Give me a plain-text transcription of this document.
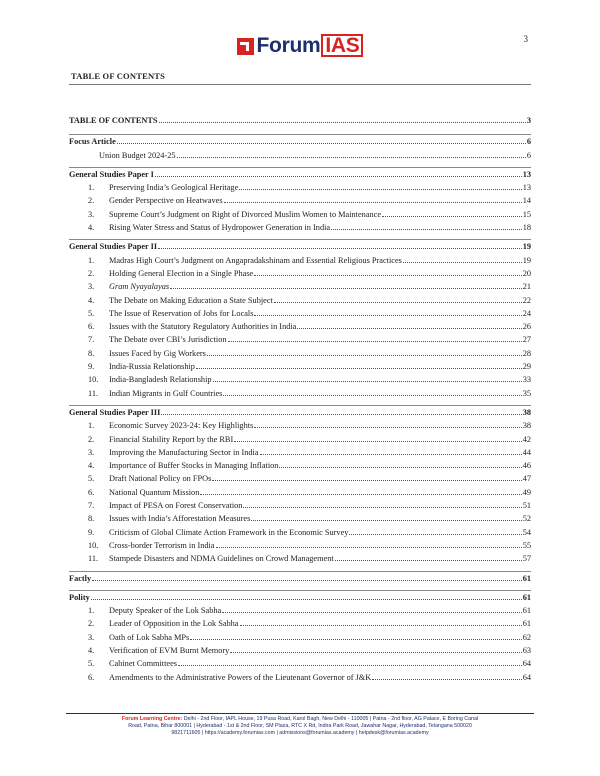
Forum IAS	3
TABLE OF CONTENTS
TABLE OF CONTENTS	3
Focus Article	6
Union Budget 2024-25	6
General Studies Paper I	13
1.	Preserving India’s Geological Heritage	13
2.	Gender Perspective on Heatwaves	14
3.	Supreme Court’s Judgment on Right of Divorced Muslim Women to Maintenance	15
4.	Rising Water Stress and Status of Hydropower Generation in India	18
General Studies Paper II	19
1.	Madras High Court’s Judgment on Angapradakshinam and Essential Religious Practices	19
2.	Holding General Election in a Single Phase	20
3.	Gram Nyayalayas	21
4.	The Debate on Making Education a State Subject	22
5.	The Issue of Reservation of Jobs for Locals	24
6.	Issues with the Statutory Regulatory Authorities in India	26
7.	The Debate over CBI’s Jurisdiction	27
8.	Issues Faced by Gig Workers	28
9.	India-Russia Relationship	29
10.	India-Bangladesh Relationship	33
11.	Indian Migrants in Gulf Countries	35
General Studies Paper III	38
1.	Economic Survey 2023-24: Key Highlights	38
2.	Financial Stability Report by the RBI	42
3.	Improving the Manufacturing Sector in India	44
4.	Importance of Buffer Stocks in Managing Inflation	46
5.	Draft National Policy on FPOs	47
6.	National Quantum Mission	49
7.	Impact of PESA on Forest Conservation	51
8.	Issues with India’s Afforestation Measures	52
9.	Criticism of Global Climate Action Framework in the Economic Survey	54
10.	Cross-border Terrorism in India	55
11.	Stampede Disasters and NDMA Guidelines on Crowd Management	57
Factly	61
Polity	61
1.	Deputy Speaker of the Lok Sabha	61
2.	Leader of Opposition in the Lok Sabha	61
3.	Oath of Lok Sabha MPs	62
4.	Verification of EVM Burnt Memory	63
5.	Cabinet Committees	64
6.	Amendments to the Administrative Powers of the Lieutenant Governor of J&K	64
Forum Learning Centre: Delhi - 2nd Floor, IAPL House, 19 Pusa Road, Karol Bagh, New Delhi - 110005 | Patna - 2nd floor, AG Palace, E Boring Canal
Road, Patna, Bihar 800001 | Hyderabad - 1st & 2nd Floor, SM Plaza, RTC X Rd, Indira Park Road, Jawahar Nagar, Hyderabad, Telangana 500020
9821711605 | https://academy.forumias.com | admissions@forumias.academy | helpdesk@forumias.academy
